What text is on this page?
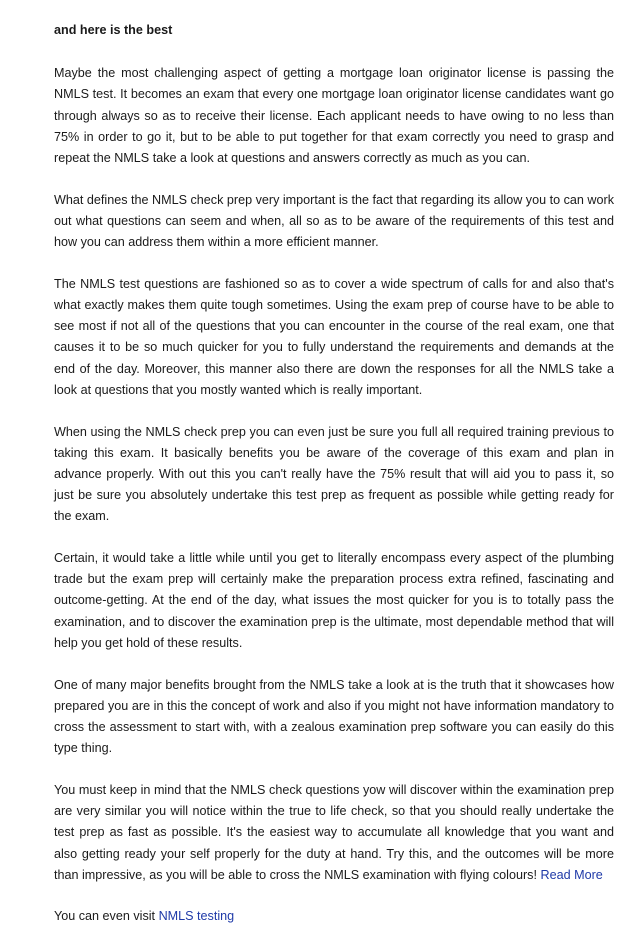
and here is the best

Maybe the most challenging aspect of getting a mortgage loan originator license is passing the NMLS test. It becomes an exam that every one mortgage loan originator license candidates want go through always so as to receive their license. Each applicant needs to have owing to no less than 75% in order to go it, but to be able to put together for that exam correctly you need to grasp and repeat the NMLS take a look at questions and answers correctly as much as you can.

What defines the NMLS check prep very important is the fact that regarding its allow you to can work out what questions can seem and when, all so as to be aware of the requirements of this test and how you can address them within a more efficient manner.

The NMLS test questions are fashioned so as to cover a wide spectrum of calls for and also that's what exactly makes them quite tough sometimes. Using the exam prep of course have to be able to see most if not all of the questions that you can encounter in the course of the real exam, one that causes it to be so much quicker for you to fully understand the requirements and demands at the end of the day. Moreover, this manner also there are down the responses for all the NMLS take a look at questions that you mostly wanted which is really important.

When using the NMLS check prep you can even just be sure you full all required training previous to taking this exam. It basically benefits you be aware of the coverage of this exam and plan in advance properly. With out this you can't really have the 75% result that will aid you to pass it, so just be sure you absolutely undertake this test prep as frequent as possible while getting ready for the exam.

Certain, it would take a little while until you get to literally encompass every aspect of the plumbing trade but the exam prep will certainly make the preparation process extra refined, fascinating and outcome-getting. At the end of the day, what issues the most quicker for you is to totally pass the examination, and to discover the examination prep is the ultimate, most dependable method that will help you get hold of these results.

One of many major benefits brought from the NMLS take a look at is the truth that it showcases how prepared you are in this the concept of work and also if you might not have information mandatory to cross the assessment to start with, with a zealous examination prep software you can easily do this type thing.

You must keep in mind that the NMLS check questions yow will discover within the examination prep are very similar you will notice within the true to life check, so that you should really undertake the test prep as fast as possible. It's the easiest way to accumulate all knowledge that you want and also getting ready your self properly for the duty at hand. Try this, and the outcomes will be more than impressive, as you will be able to cross the NMLS examination with flying colours! Read More

You can even visit NMLS testing
